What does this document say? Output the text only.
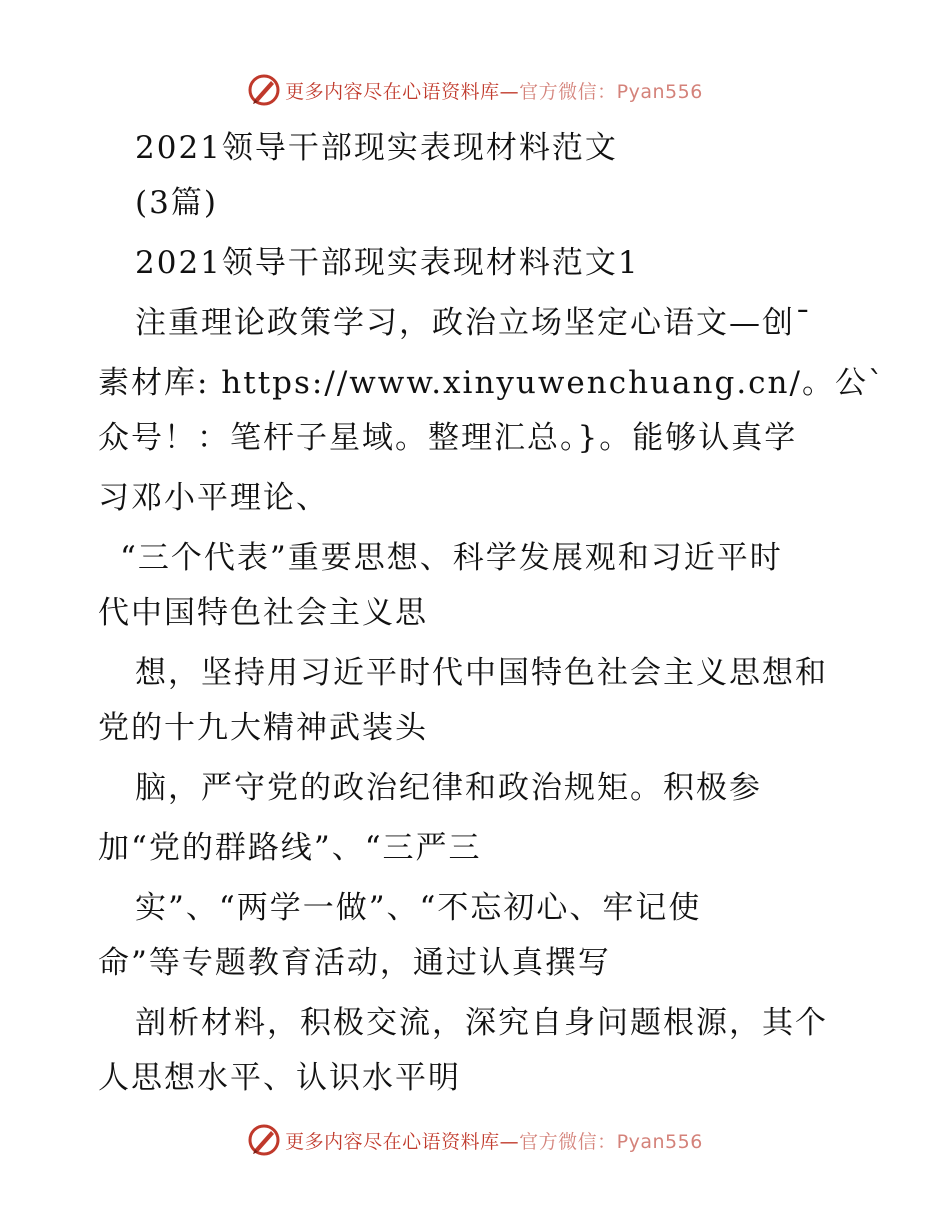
更多内容尽在心语资料库—官方微信：Pyan556
2021领导干部现实表现材料范文
(3篇)
2021领导干部现实表现材料范文1
注重理论政策学习，政治立场坚定心语文—创¯
素材库: https://www.xinyuwenchuang.cn/。公`
众号！：笔杆子星域。整理汇总。}。能够认真学
习邓小平理论、
“三个代表”重要思想、科学发展观和习近平时
代中国特色社会主义思
想，坚持用习近平时代中国特色社会主义思想和
党的十九大精神武装头
脑，严守党的政治纪律和政治规矩。积极参
加“党的群路线”、“三严三
实”、“两学一做”、“不忘初心、牢记使
命”等专题教育活动，通过认真撰写
剖析材料，积极交流，深究自身问题根源，其个
人思想水平、认识水平明
更多内容尽在心语资料库—官方微信：Pyan556
